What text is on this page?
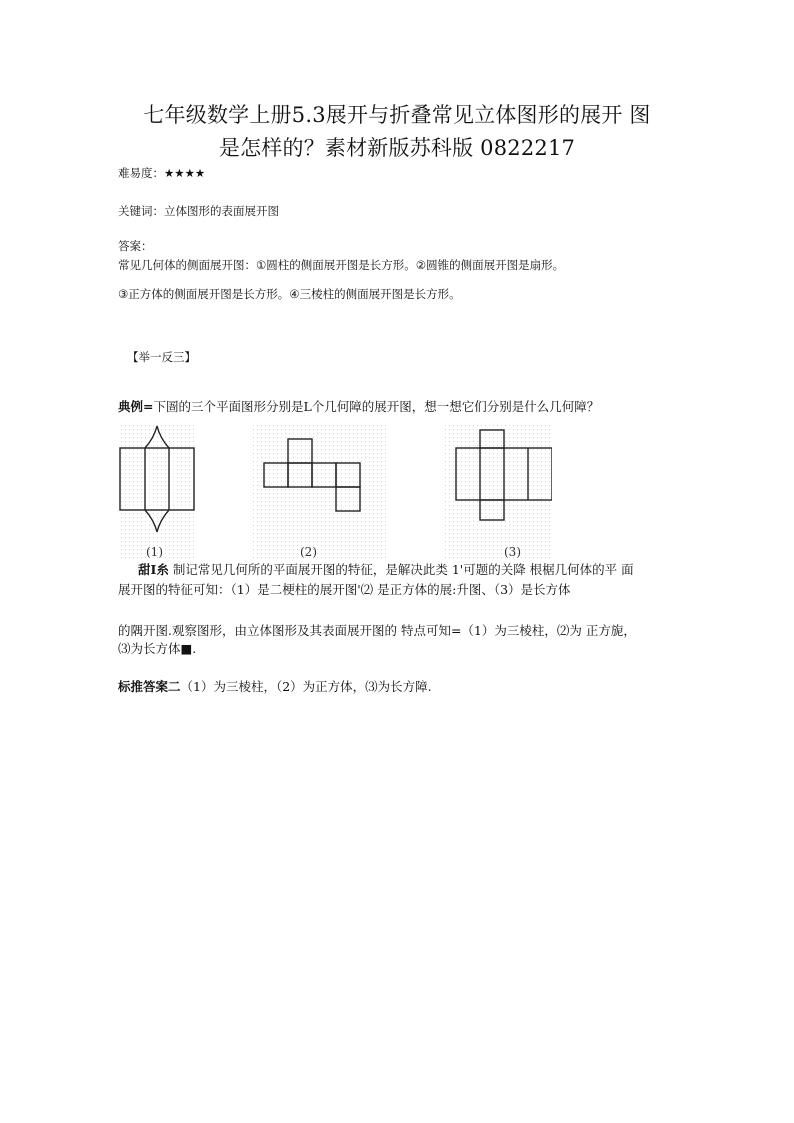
七年级数学上册5.3展开与折叠常见立体图形的展开 图
是怎样的？素材新版苏科版 0822217
难易度：★★★★
关键词：立体图形的表面展开图
答案：
常见几何体的侧面展开图：①圆柱的侧面展开图是长方形。②圆锥的侧面展开图是扇形。
③正方体的侧面展开图是长方形。④三棱柱的侧面展开图是长方形。
【举一反三】
典例=下圄的三个平面图形分别是L个几何障的展开图，想一想它们分别是什么几何障？
(1)	(2)	(3)
甜I糸 制记常见几何所的平面展开图的特征，是解决此类 1'可题的关降 根椐几何体的平 面
展开图的特征可知：（1）是二梗柱的展开图'⑵ 是正方体的展:升图、（3）是长方体
的隅开图.观察图形，由立体图形及其表面展开图的 特点可知=（1）为三棱柱，⑵为 正方旎，
⑶为长方体■.
标推答案二（1）为三棱柱，（2）为正方体，⑶为长方障.
